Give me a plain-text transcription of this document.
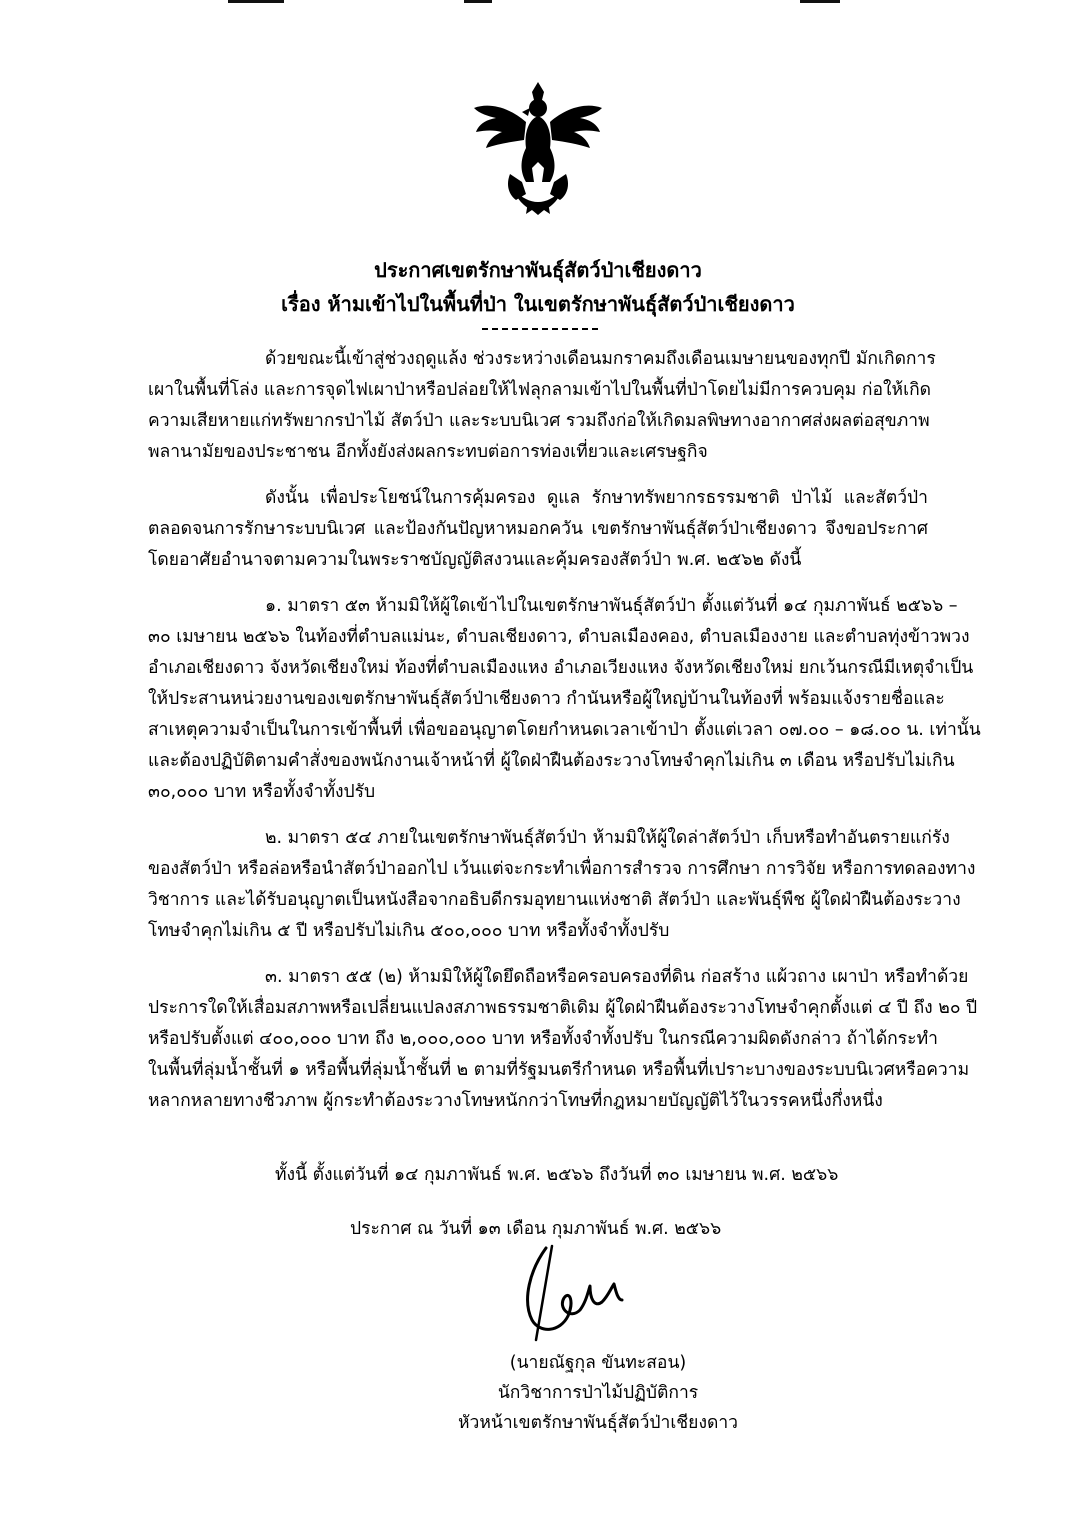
ประกาศเขตรักษาพันธุ์สัตว์ป่าเชียงดาว
เรื่อง ห้ามเข้าไปในพื้นที่ป่า ในเขตรักษาพันธุ์สัตว์ป่าเชียงดาว
ด้วยขณะนี้เข้าสู่ช่วงฤดูแล้ง ช่วงระหว่างเดือนมกราคมถึงเดือนเมษายนของทุกปี มักเกิดการ
เผาในพื้นที่โล่ง และการจุดไฟเผาป่าหรือปล่อยให้ไฟลุกลามเข้าไปในพื้นที่ป่าโดยไม่มีการควบคุม ก่อให้เกิด
ความเสียหายแก่ทรัพยากรป่าไม้ สัตว์ป่า และระบบนิเวศ รวมถึงก่อให้เกิดมลพิษทางอากาศส่งผลต่อสุขภาพ
พลานามัยของประชาชน อีกทั้งยังส่งผลกระทบต่อการท่องเที่ยวและเศรษฐกิจ
ดังนั้น เพื่อประโยชน์ในการคุ้มครอง ดูแล รักษาทรัพยากรธรรมชาติ ป่าไม้ และสัตว์ป่า
ตลอดจนการรักษาระบบนิเวศ และป้องกันปัญหาหมอกควัน เขตรักษาพันธุ์สัตว์ป่าเชียงดาว จึงขอประกาศ
โดยอาศัยอำนาจตามความในพระราชบัญญัติสงวนและคุ้มครองสัตว์ป่า พ.ศ. ๒๕๖๒ ดังนี้
๑. มาตรา ๕๓ ห้ามมิให้ผู้ใดเข้าไปในเขตรักษาพันธุ์สัตว์ป่า ตั้งแต่วันที่ ๑๔ กุมภาพันธ์ ๒๕๖๖ –
๓๐ เมษายน ๒๕๖๖ ในท้องที่ตำบลแม่นะ, ตำบลเชียงดาว, ตำบลเมืองคอง, ตำบลเมืองงาย และตำบลทุ่งข้าวพวง
อำเภอเชียงดาว จังหวัดเชียงใหม่ ท้องที่ตำบลเมืองแหง อำเภอเวียงแหง จังหวัดเชียงใหม่ ยกเว้นกรณีมีเหตุจำเป็น
ให้ประสานหน่วยงานของเขตรักษาพันธุ์สัตว์ป่าเชียงดาว กำนันหรือผู้ใหญ่บ้านในท้องที่ พร้อมแจ้งรายชื่อและ
สาเหตุความจำเป็นในการเข้าพื้นที่ เพื่อขออนุญาตโดยกำหนดเวลาเข้าป่า ตั้งแต่เวลา ๐๗.๐๐ – ๑๘.๐๐ น. เท่านั้น
และต้องปฏิบัติตามคำสั่งของพนักงานเจ้าหน้าที่ ผู้ใดฝ่าฝืนต้องระวางโทษจำคุกไม่เกิน ๓ เดือน หรือปรับไม่เกิน
๓๐,๐๐๐ บาท หรือทั้งจำทั้งปรับ
๒. มาตรา ๕๔ ภายในเขตรักษาพันธุ์สัตว์ป่า ห้ามมิให้ผู้ใดล่าสัตว์ป่า เก็บหรือทำอันตรายแก่รัง
ของสัตว์ป่า หรือล่อหรือนำสัตว์ป่าออกไป เว้นแต่จะกระทำเพื่อการสำรวจ การศึกษา การวิจัย หรือการทดลองทาง
วิชาการ และได้รับอนุญาตเป็นหนังสือจากอธิบดีกรมอุทยานแห่งชาติ สัตว์ป่า และพันธุ์พืช ผู้ใดฝ่าฝืนต้องระวาง
โทษจำคุกไม่เกิน ๕ ปี หรือปรับไม่เกิน ๕๐๐,๐๐๐ บาท หรือทั้งจำทั้งปรับ
๓. มาตรา ๕๕ (๒) ห้ามมิให้ผู้ใดยึดถือหรือครอบครองที่ดิน ก่อสร้าง แผ้วถาง เผาป่า หรือทำด้วย
ประการใดให้เสื่อมสภาพหรือเปลี่ยนแปลงสภาพธรรมชาติเดิม ผู้ใดฝ่าฝืนต้องระวางโทษจำคุกตั้งแต่ ๔ ปี ถึง ๒๐ ปี
หรือปรับตั้งแต่ ๔๐๐,๐๐๐ บาท ถึง ๒,๐๐๐,๐๐๐ บาท หรือทั้งจำทั้งปรับ ในกรณีความผิดดังกล่าว ถ้าได้กระทำ
ในพื้นที่ลุ่มน้ำชั้นที่ ๑ หรือพื้นที่ลุ่มน้ำชั้นที่ ๒ ตามที่รัฐมนตรีกำหนด หรือพื้นที่เปราะบางของระบบนิเวศหรือความ
หลากหลายทางชีวภาพ ผู้กระทำต้องระวางโทษหนักกว่าโทษที่กฎหมายบัญญัติไว้ในวรรคหนึ่งกึ่งหนึ่ง
ทั้งนี้ ตั้งแต่วันที่ ๑๔ กุมภาพันธ์ พ.ศ. ๒๕๖๖ ถึงวันที่ ๓๐ เมษายน พ.ศ. ๒๕๖๖
ประกาศ ณ วันที่ ๑๓ เดือน กุมภาพันธ์ พ.ศ. ๒๕๖๖
(นายณัฐกุล ขันทะสอน)
นักวิชาการป่าไม้ปฏิบัติการ
หัวหน้าเขตรักษาพันธุ์สัตว์ป่าเชียงดาว
